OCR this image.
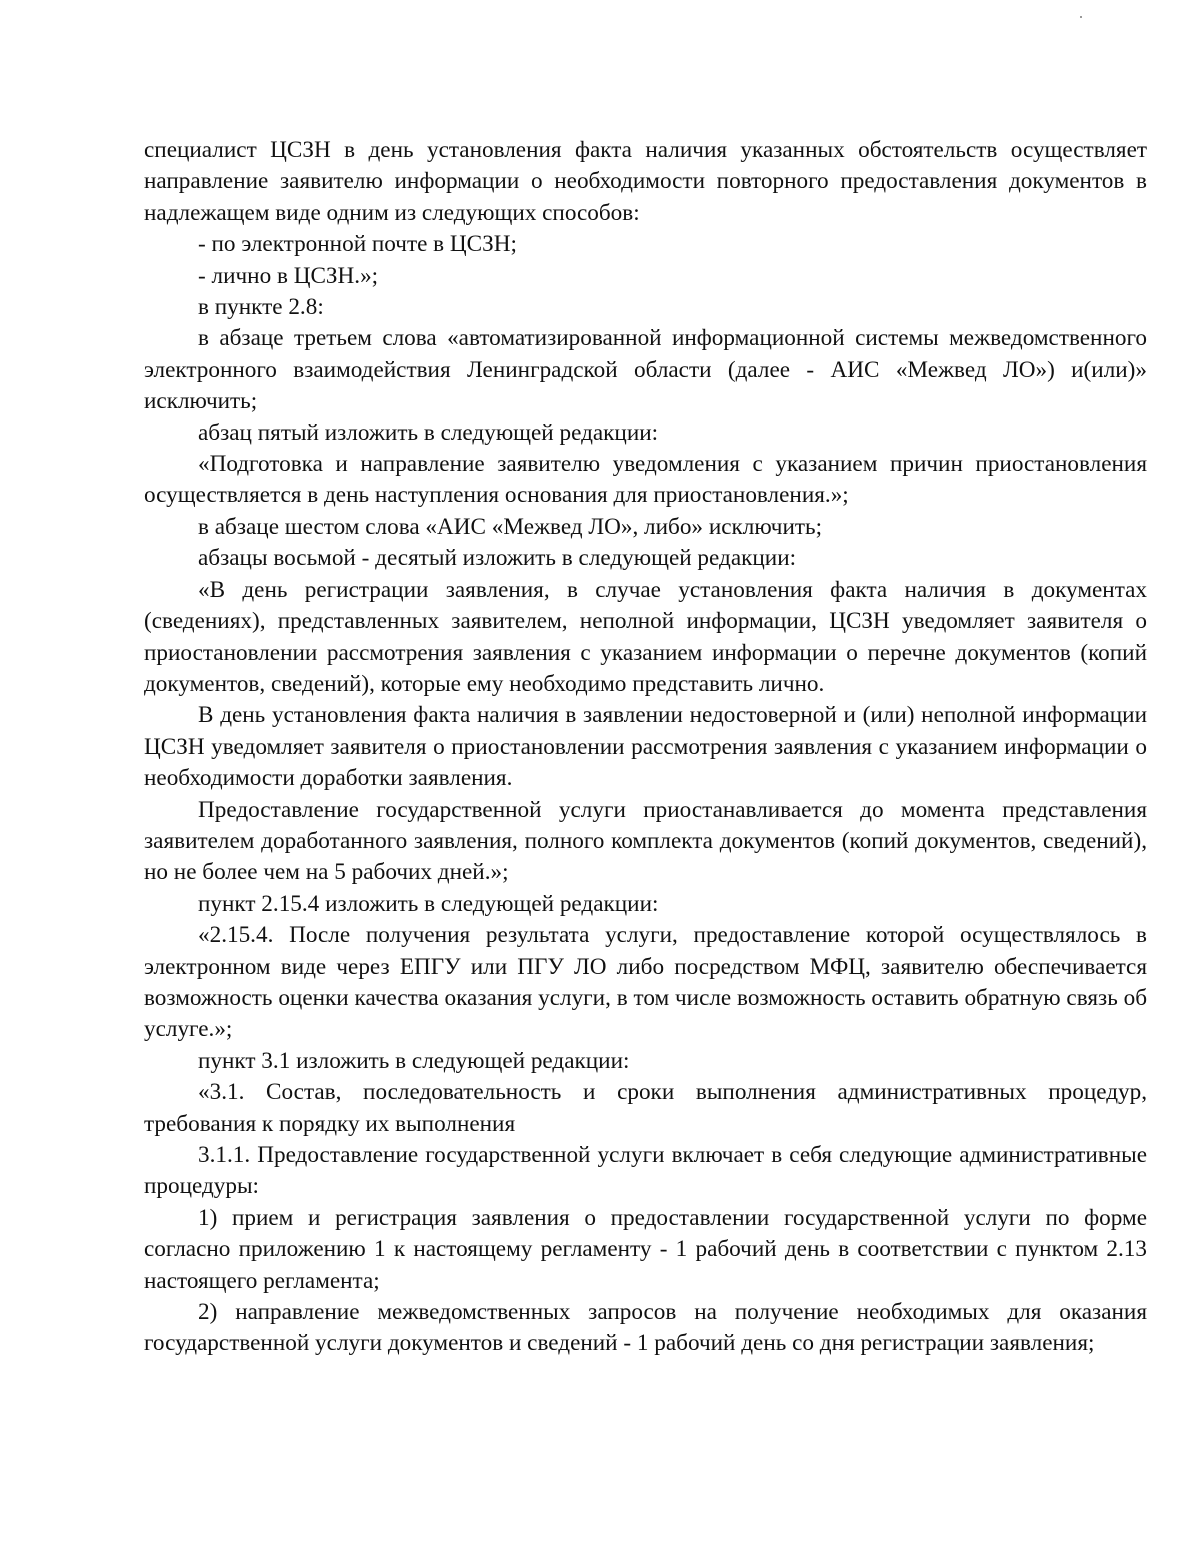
специалист ЦСЗН в день установления факта наличия указанных обстоятельств осуществляет направление заявителю информации о необходимости повторного предоставления документов в надлежащем виде одним из следующих способов:

- по электронной почте в ЦСЗН;

- лично в ЦСЗН.»;

в пункте 2.8:

в абзаце третьем слова «автоматизированной информационной системы межведомственного электронного взаимодействия Ленинградской области (далее - АИС «Межвед ЛО») и(или)» исключить;

абзац пятый изложить в следующей редакции:

«Подготовка и направление заявителю уведомления с указанием причин приостановления осуществляется в день наступления основания для приостановления.»;

в абзаце шестом слова «АИС «Межвед ЛО», либо» исключить;

абзацы восьмой - десятый изложить в следующей редакции:

«В день регистрации заявления, в случае установления факта наличия в документах (сведениях), представленных заявителем, неполной информации, ЦСЗН уведомляет заявителя о приостановлении рассмотрения заявления с указанием информации о перечне документов (копий документов, сведений), которые ему необходимо представить лично.

В день установления факта наличия в заявлении недостоверной и (или) неполной информации ЦСЗН уведомляет заявителя о приостановлении рассмотрения заявления с указанием информации о необходимости доработки заявления.

Предоставление государственной услуги приостанавливается до момента представления заявителем доработанного заявления, полного комплекта документов (копий документов, сведений), но не более чем на 5 рабочих дней.»;

пункт 2.15.4 изложить в следующей редакции:

«2.15.4. После получения результата услуги, предоставление которой осуществлялось в электронном виде через ЕПГУ или ПГУ ЛО либо посредством МФЦ, заявителю обеспечивается возможность оценки качества оказания услуги, в том числе возможность оставить обратную связь об услуге.»;

пункт 3.1 изложить в следующей редакции:

«3.1. Состав, последовательность и сроки выполнения административных процедур, требования к порядку их выполнения

3.1.1. Предоставление государственной услуги включает в себя следующие административные процедуры:

1) прием и регистрация заявления о предоставлении государственной услуги по форме согласно приложению 1 к настоящему регламенту - 1 рабочий день в соответствии с пунктом 2.13 настоящего регламента;

2) направление межведомственных запросов на получение необходимых для оказания государственной услуги документов и сведений - 1 рабочий день со дня регистрации заявления;
